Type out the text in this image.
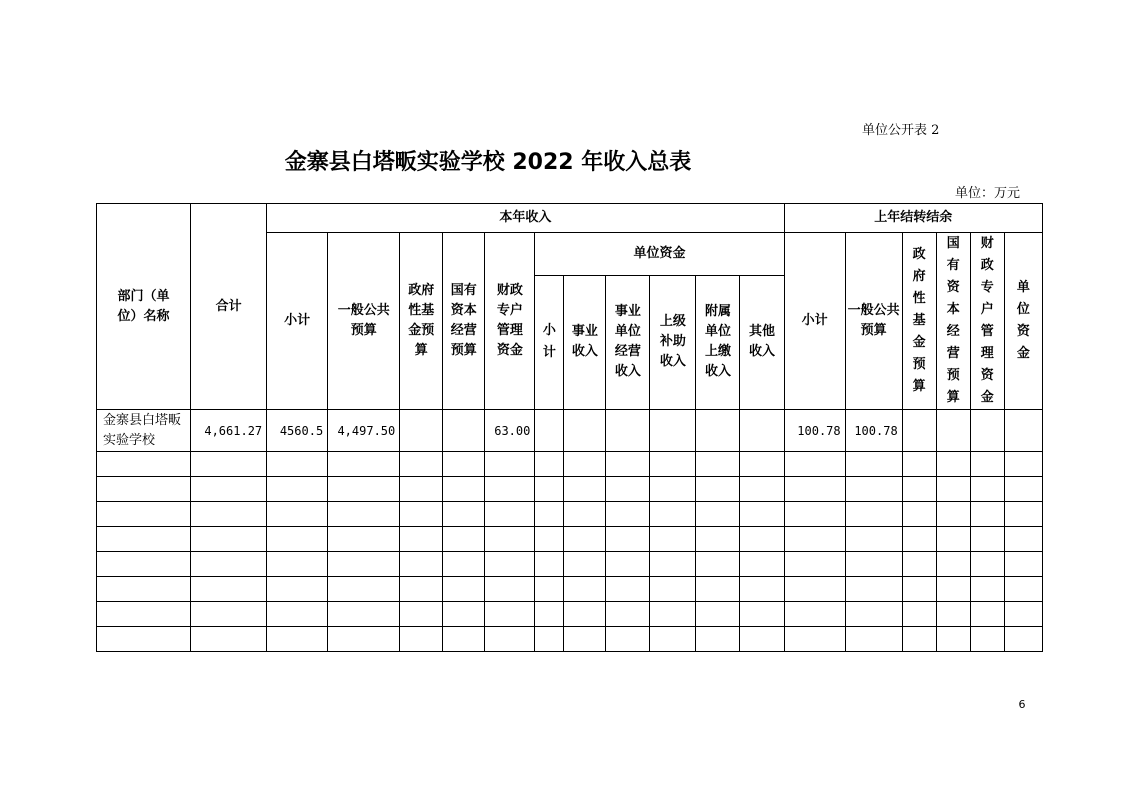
单位公开表 2
金寨县白塔畈实验学校 2022 年收入总表
单位：万元
部门（单位）名称	合计	本年收入											上年结转结余					
		小计	一般公共预算	政府性基金预算	国有资本经营预算	财政专户管理资金	单位资金						小计	一般公共预算	政府性基金预算	国有资本经营预算	财政专户管理资金	单位资金
							小计	事业收入	事业单位经营收入	上级补助收入	附属单位上缴收入	其他收入						
金寨县白塔畈实验学校	4,661.27	4560.5	4,497.50			63.00							100.78	100.78				

6
